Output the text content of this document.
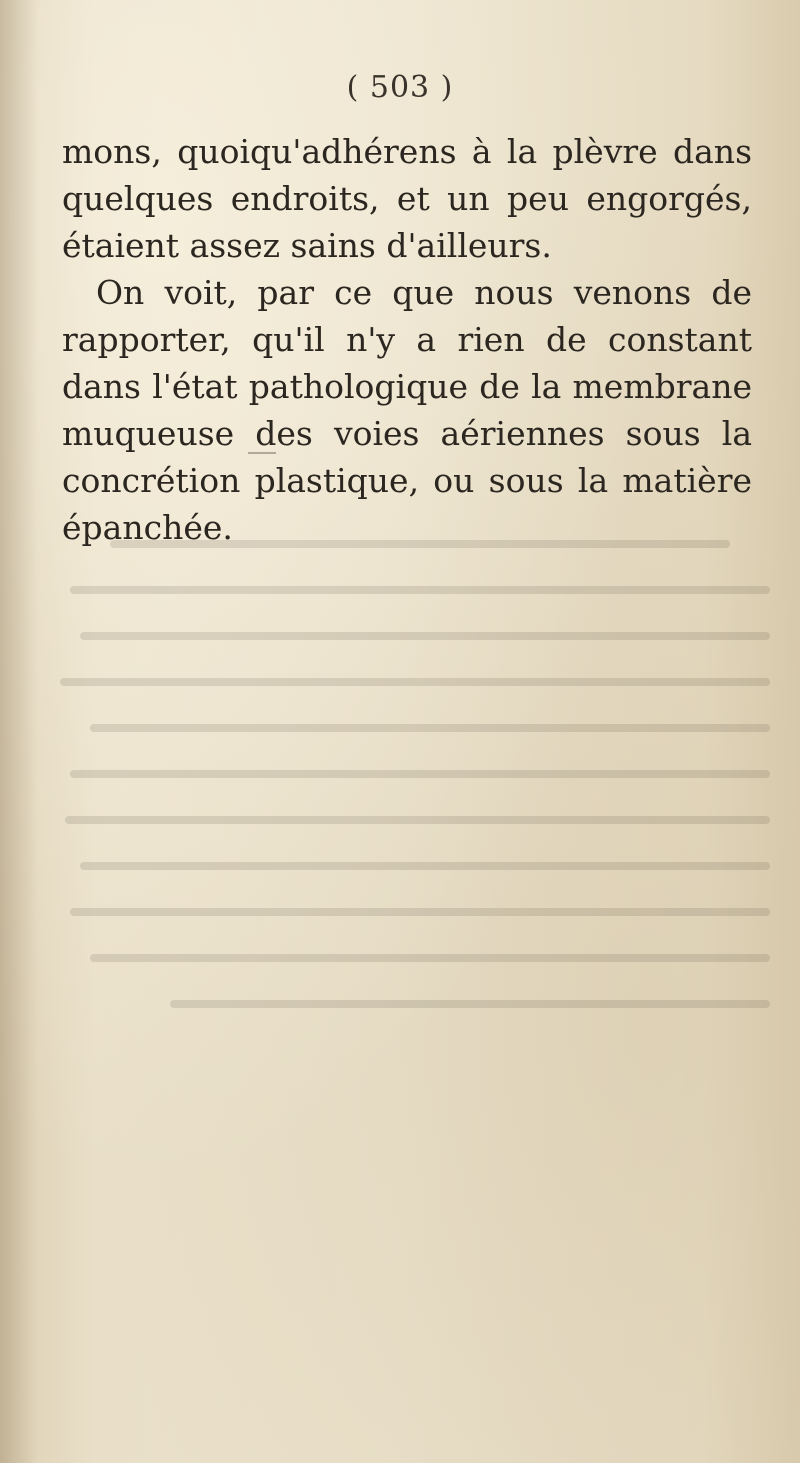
( 503 )

mons, quoiqu'adhérens à la plèvre dans quelques endroits, et un peu engorgés, étaient assez sains d'ailleurs.

On voit, par ce que nous venons de rapporter, qu'il n'y a rien de constant dans l'état pathologique de la membrane muqueuse des voies aériennes sous la concrétion plastique, ou sous la matière épanchée.
